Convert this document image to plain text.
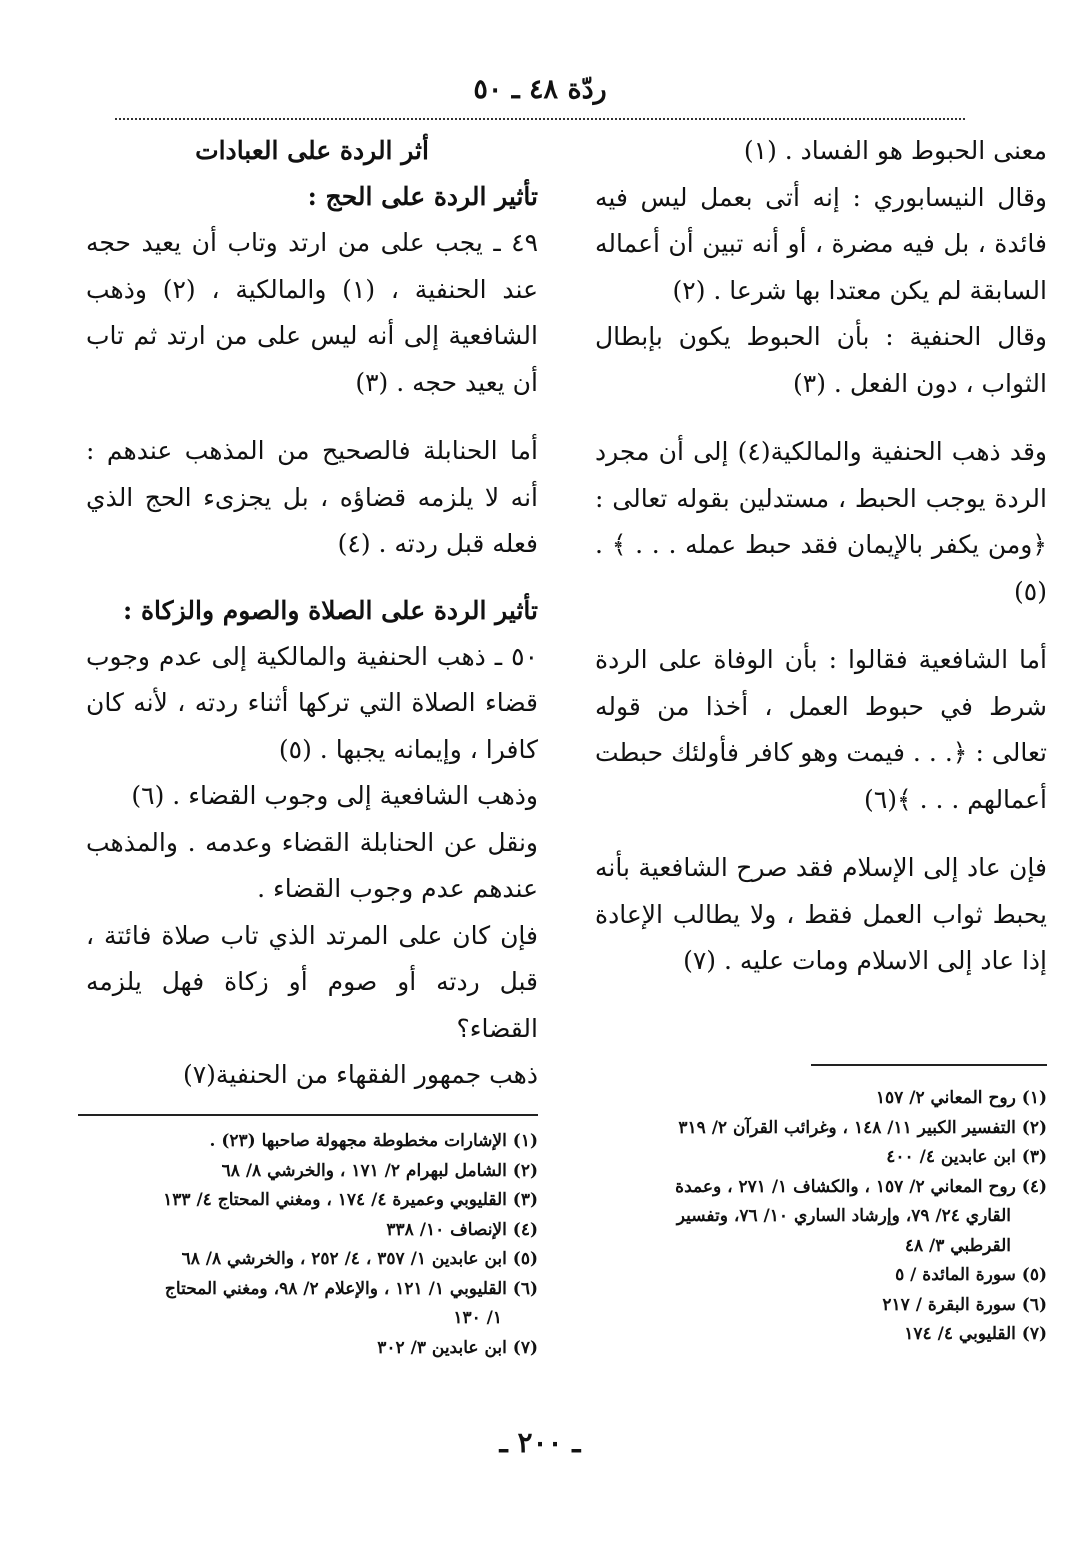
ردّة ٤٨ ـ ٥٠

معنى الحبوط هو الفساد . (١)

وقال النيسابوري : إنه أتى بعمل ليس فيه فائدة ، بل فيه مضرة ، أو أنه تبين أن أعماله السابقة لم يكن معتدا بها شرعا . (٢)

وقال الحنفية : بأن الحبوط يكون بإبطال الثواب ، دون الفعل . (٣)

وقد ذهب الحنفية والمالكية(٤) إلى أن مجرد الردة يوجب الحبط ، مستدلين بقوله تعالى : ﴿ومن يكفر بالإيمان فقد حبط عمله . . . ﴾ . (٥)

أما الشافعية فقالوا : بأن الوفاة على الردة شرط في حبوط العمل ، أخذا من قوله تعالى : ﴿. . . فيمت وهو كافر فأولئك حبطت أعمالهم . . . ﴾(٦)

فإن عاد إلى الإسلام فقد صرح الشافعية بأنه يحبط ثواب العمل فقط ، ولا يطالب الإعادة إذا عاد إلى الاسلام ومات عليه . (٧)

أثر الردة على العبادات

تأثير الردة على الحج :

٤٩ ـ يجب على من ارتد وتاب أن يعيد حجه عند الحنفية ، (١) والمالكية ، (٢) وذهب الشافعية إلى أنه ليس على من ارتد ثم تاب أن يعيد حجه . (٣)

أما الحنابلة فالصحيح من المذهب عندهم : أنه لا يلزمه قضاؤه ، بل يجزىء الحج الذي فعله قبل ردته . (٤)

تأثير الردة على الصلاة والصوم والزكاة :

٥٠ ـ ذهب الحنفية والمالكية إلى عدم وجوب قضاء الصلاة التي تركها أثناء ردته ، لأنه كان كافرا ، وإيمانه يجبها . (٥)

وذهب الشافعية إلى وجوب القضاء . (٦)

ونقل عن الحنابلة القضاء وعدمه . والمذهب عندهم عدم وجوب القضاء .

فإن كان على المرتد الذي تاب صلاة فائتة ، قبل ردته أو صوم أو زكاة فهل يلزمه القضاء؟

ذهب جمهور الفقهاء من الحنفية(٧)

(١) روح المعاني ٢/ ١٥٧

(٢) التفسير الكبير ١١/ ١٤٨ ، وغرائب القرآن ٢/ ٣١٩

(٣) ابن عابدين ٤/ ٤٠٠

(٤) روح المعاني ٢/ ١٥٧ ، والكشاف ١/ ٢٧١ ، وعمدة

القاري ٢٤/ ٧٩، وإرشاد الساري ١٠/ ٧٦، وتفسير

القرطبي ٣/ ٤٨

(٥) سورة المائدة / ٥

(٦) سورة البقرة / ٢١٧

(٧) القليوبي ٤/ ١٧٤

(١) الإشارات مخطوطة مجهولة صاحبها (٢٣) .

(٢) الشامل لبهرام ٢/ ١٧١ ، والخرشي ٨/ ٦٨

(٣) القليوبي وعميرة ٤/ ١٧٤ ، ومغني المحتاج ٤/ ١٣٣

(٤) الإنصاف ١٠/ ٣٣٨

(٥) ابن عابدين ١/ ٣٥٧ ، ٤/ ٢٥٢ ، والخرشي ٨/ ٦٨

(٦) القليوبي ١/ ١٢١ ، والإعلام ٢/ ٩٨، ومغني المحتاج

١/ ١٣٠

(٧) ابن عابدين ٣/ ٣٠٢

ـ ٢٠٠ ـ
